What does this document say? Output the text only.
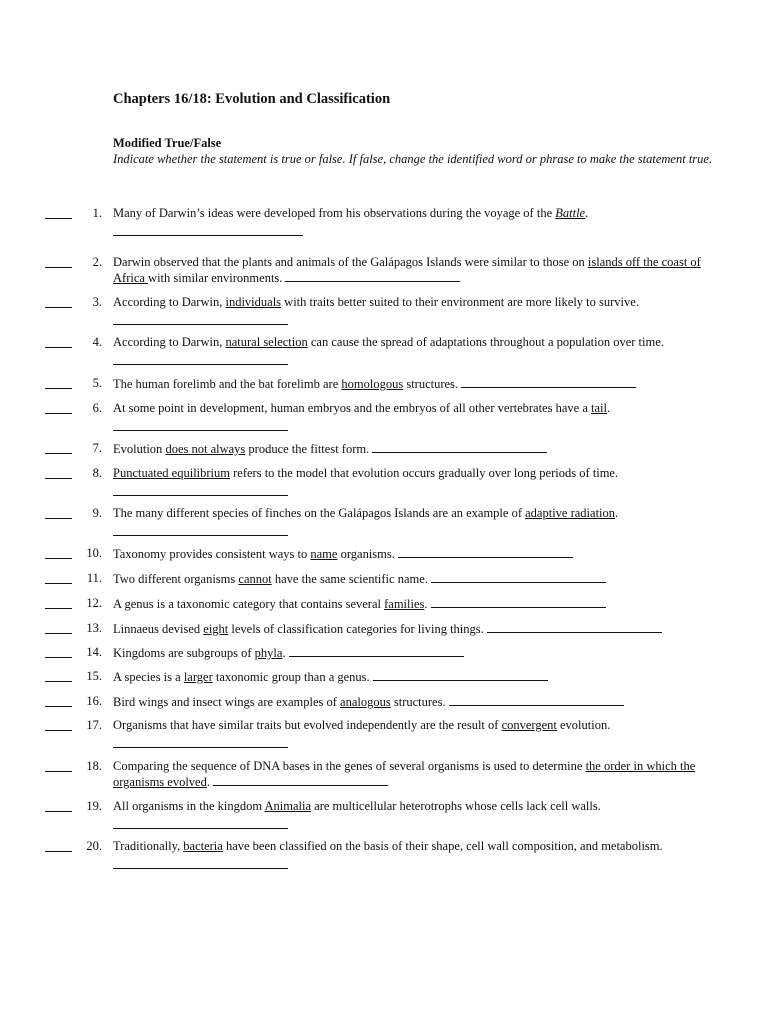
Chapters 16/18: Evolution and Classification
Modified True/False
Indicate whether the statement is true or false. If false, change the identified word or phrase to make the statement true.
1. Many of Darwin’s ideas were developed from his observations during the voyage of the Battle.
2. Darwin observed that the plants and animals of the Galápagos Islands were similar to those on islands off the coast of Africa with similar environments.
3. According to Darwin, individuals with traits better suited to their environment are more likely to survive.
4. According to Darwin, natural selection can cause the spread of adaptations throughout a population over time.
5. The human forelimb and the bat forelimb are homologous structures.
6. At some point in development, human embryos and the embryos of all other vertebrates have a tail.
7. Evolution does not always produce the fittest form.
8. Punctuated equilibrium refers to the model that evolution occurs gradually over long periods of time.
9. The many different species of finches on the Galápagos Islands are an example of adaptive radiation.
10. Taxonomy provides consistent ways to name organisms.
11. Two different organisms cannot have the same scientific name.
12. A genus is a taxonomic category that contains several families.
13. Linnaeus devised eight levels of classification categories for living things.
14. Kingdoms are subgroups of phyla.
15. A species is a larger taxonomic group than a genus.
16. Bird wings and insect wings are examples of analogous structures.
17. Organisms that have similar traits but evolved independently are the result of convergent evolution.
18. Comparing the sequence of DNA bases in the genes of several organisms is used to determine the order in which the organisms evolved.
19. All organisms in the kingdom Animalia are multicellular heterotrophs whose cells lack cell walls.
20. Traditionally, bacteria have been classified on the basis of their shape, cell wall composition, and metabolism.
